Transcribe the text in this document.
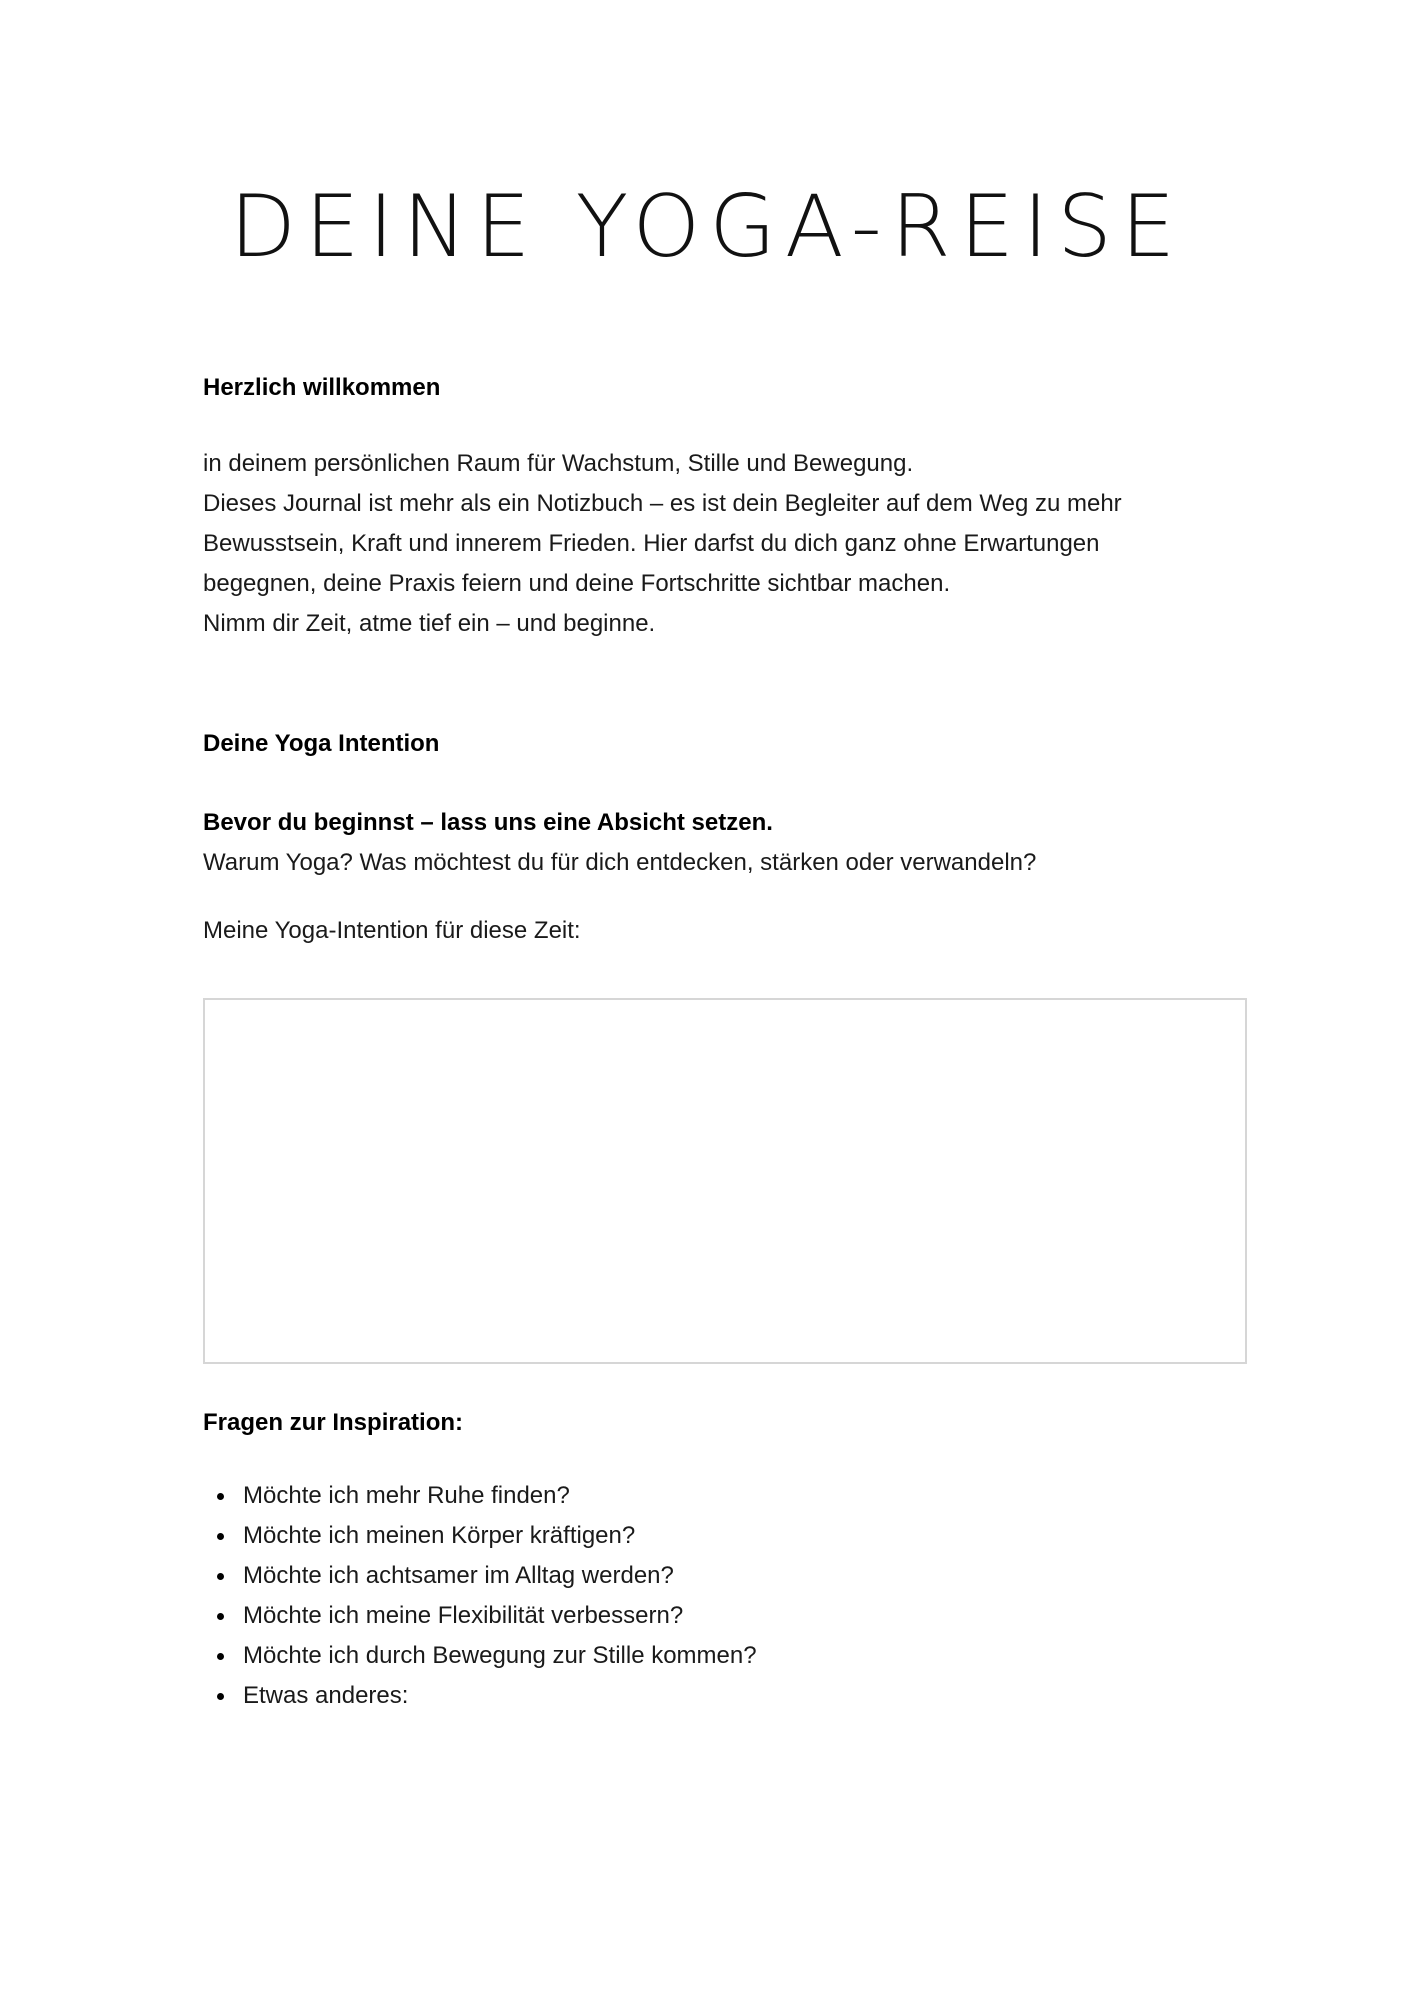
DEINE YOGA-REISE
Herzlich willkommen

in deinem persönlichen Raum für Wachstum, Stille und Bewegung.
Dieses Journal ist mehr als ein Notizbuch – es ist dein Begleiter auf dem Weg zu mehr
Bewusstsein, Kraft und innerem Frieden. Hier darfst du dich ganz ohne Erwartungen
begegnen, deine Praxis feiern und deine Fortschritte sichtbar machen.
Nimm dir Zeit, atme tief ein – und beginne.

Deine Yoga Intention

Bevor du beginnst – lass uns eine Absicht setzen.

Warum Yoga? Was möchtest du für dich entdecken, stärken oder verwandeln?

Meine Yoga-Intention für diese Zeit:

Fragen zur Inspiration:
Möchte ich mehr Ruhe finden?
Möchte ich meinen Körper kräftigen?
Möchte ich achtsamer im Alltag werden?
Möchte ich meine Flexibilität verbessern?
Möchte ich durch Bewegung zur Stille kommen?
Etwas anderes:
